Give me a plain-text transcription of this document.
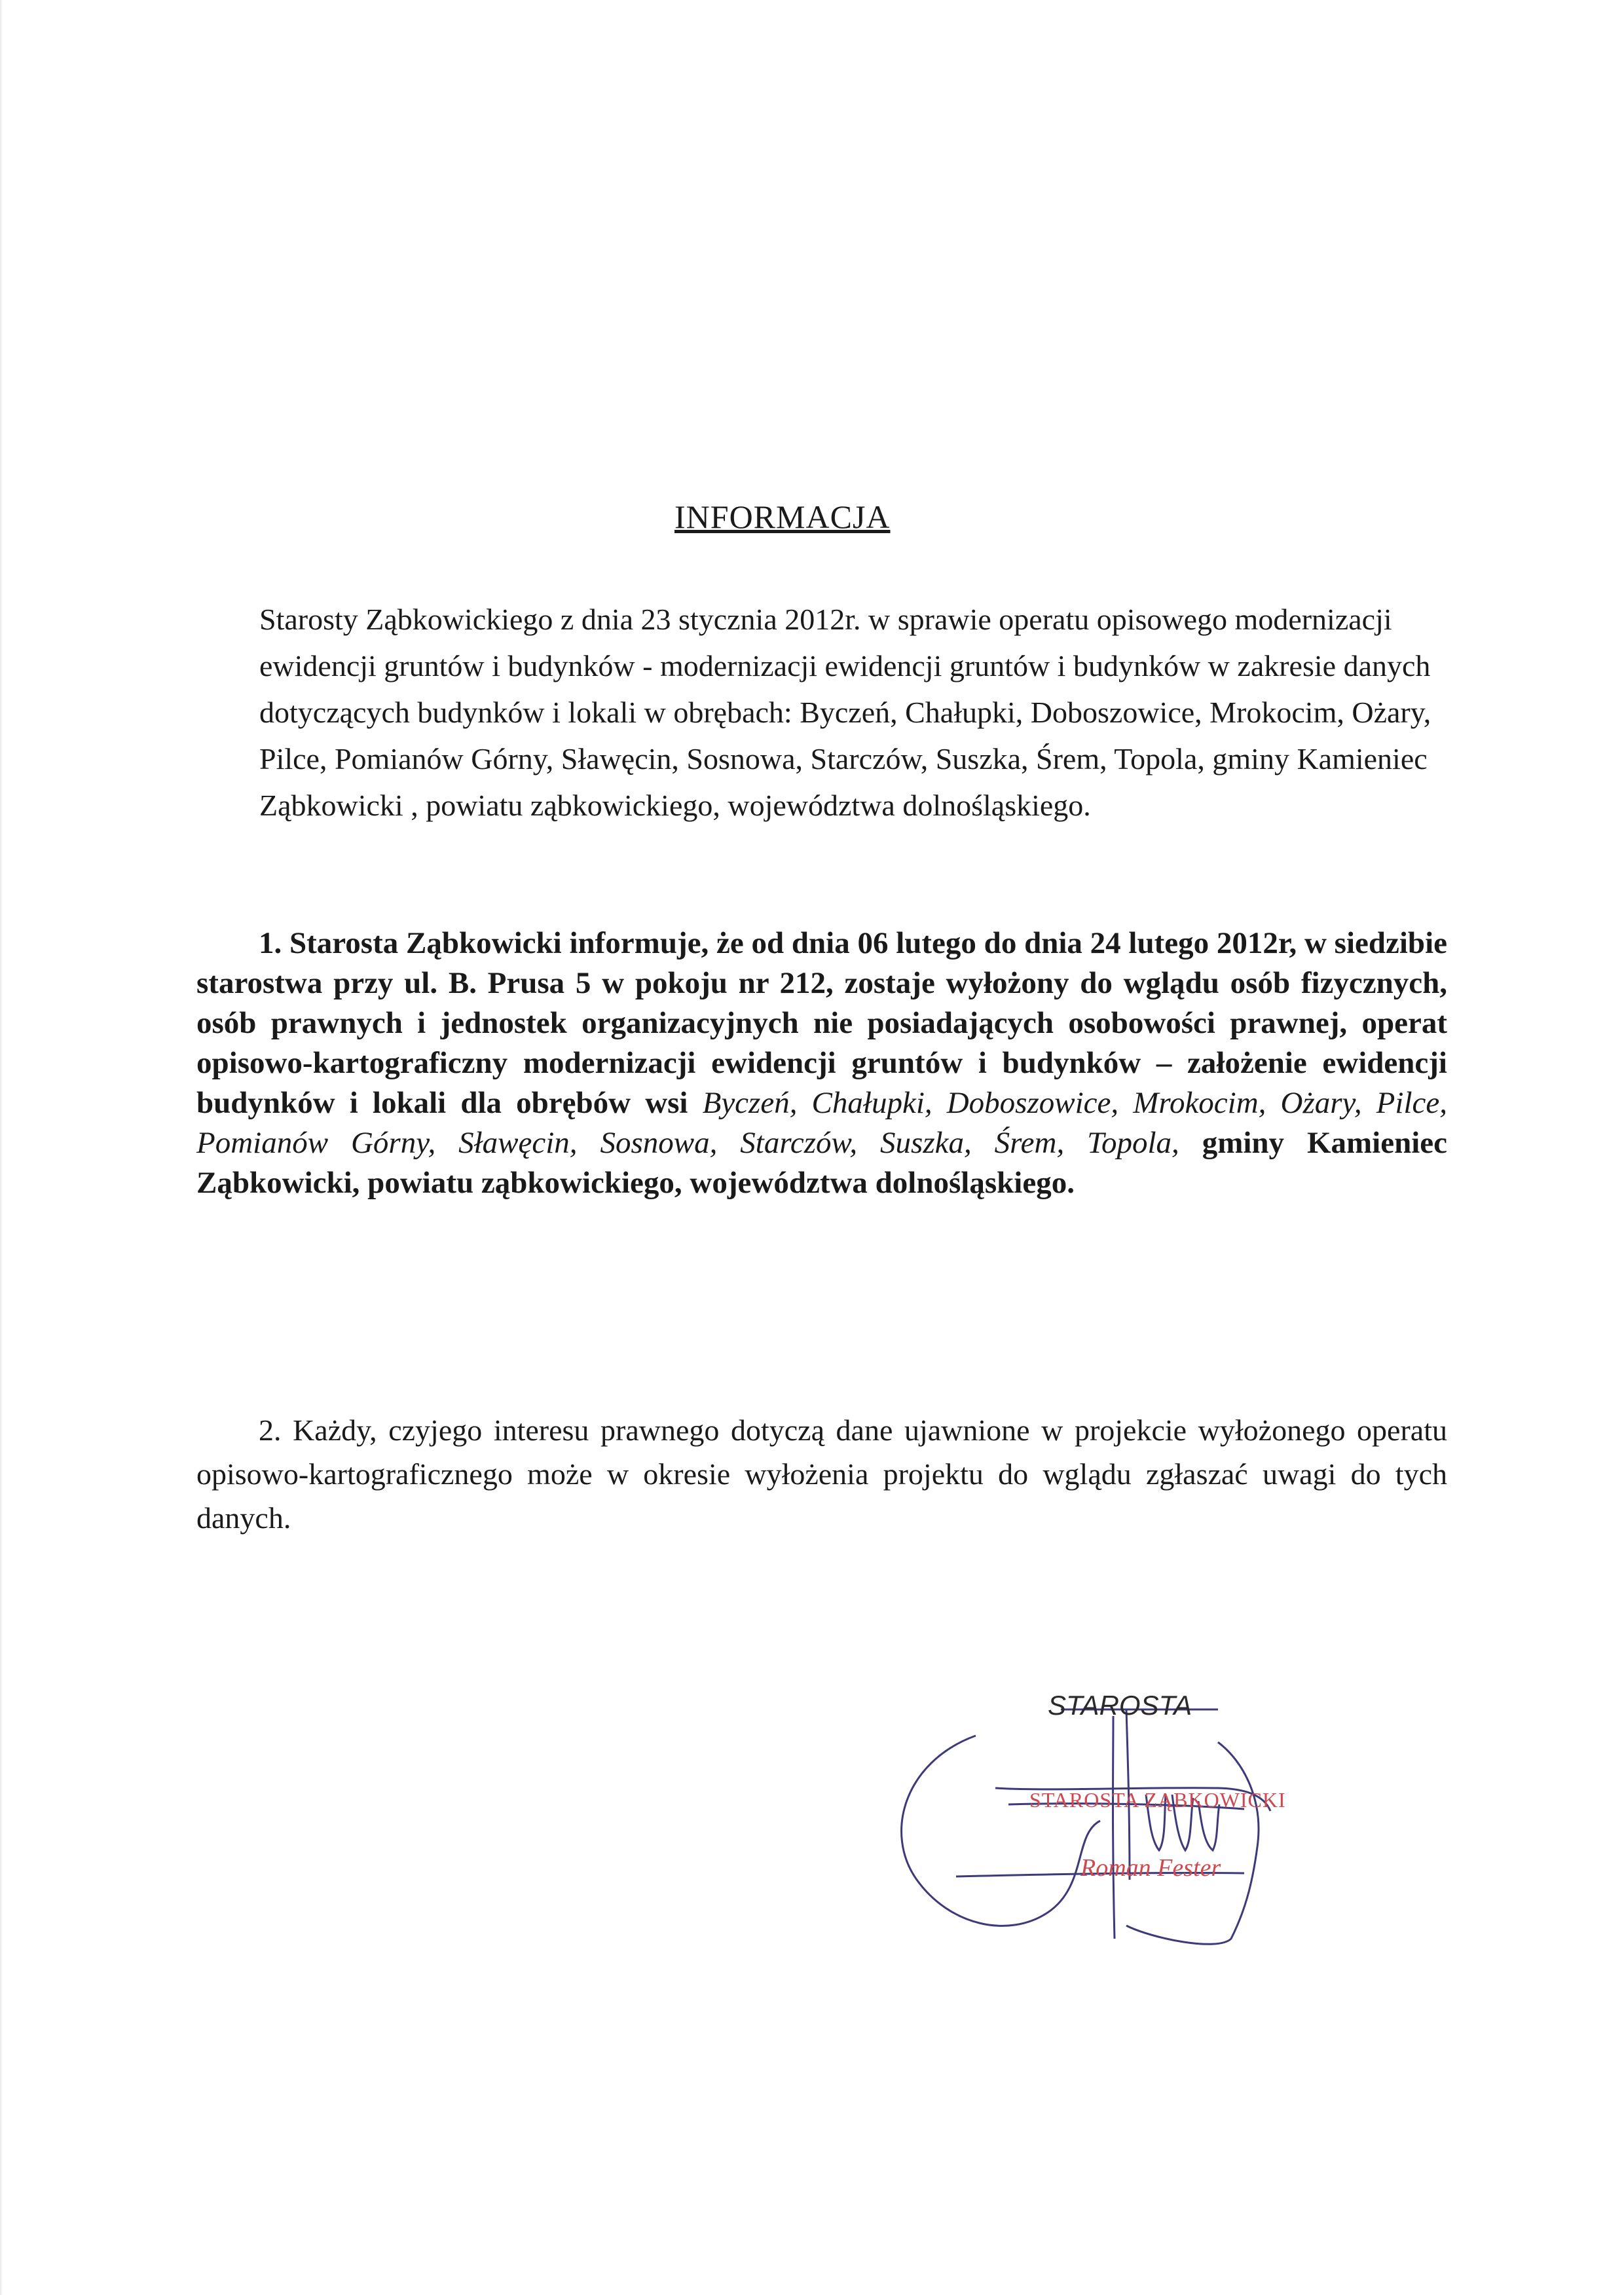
INFORMACJA
Starosty Ząbkowickiego z dnia 23 stycznia 2012r. w sprawie operatu opisowego modernizacji ewidencji gruntów i budynków - modernizacji ewidencji gruntów i budynków w zakresie danych dotyczących budynków i lokali w obrębach: Byczeń, Chałupki, Doboszowice, Mrokocim, Ożary, Pilce, Pomianów Górny, Sławęcin, Sosnowa, Starczów, Suszka, Śrem, Topola, gminy Kamieniec Ząbkowicki , powiatu ząbkowickiego, województwa dolnośląskiego.
1. Starosta Ząbkowicki informuje, że od dnia 06 lutego do dnia 24 lutego 2012r, w siedzibie starostwa przy ul. B. Prusa 5 w pokoju nr 212, zostaje wyłożony do wglądu osób fizycznych, osób prawnych i jednostek organizacyjnych nie posiadających osobowości prawnej, operat opisowo-kartograficzny modernizacji ewidencji gruntów i budynków – założenie ewidencji budynków i lokali dla obrębów wsi Byczeń, Chałupki, Doboszowice, Mrokocim, Ożary, Pilce, Pomianów Górny, Sławęcin, Sosnowa, Starczów, Suszka, Śrem, Topola, gminy Kamieniec Ząbkowicki, powiatu ząbkowickiego, województwa dolnośląskiego.
2. Każdy, czyjego interesu prawnego dotyczą dane ujawnione w projekcie wyłożonego operatu opisowo-kartograficznego może w okresie wyłożenia projektu do wglądu zgłaszać uwagi do tych danych.
STAROSTA
STAROSTA ZĄBKOWICKI
Roman Fester
